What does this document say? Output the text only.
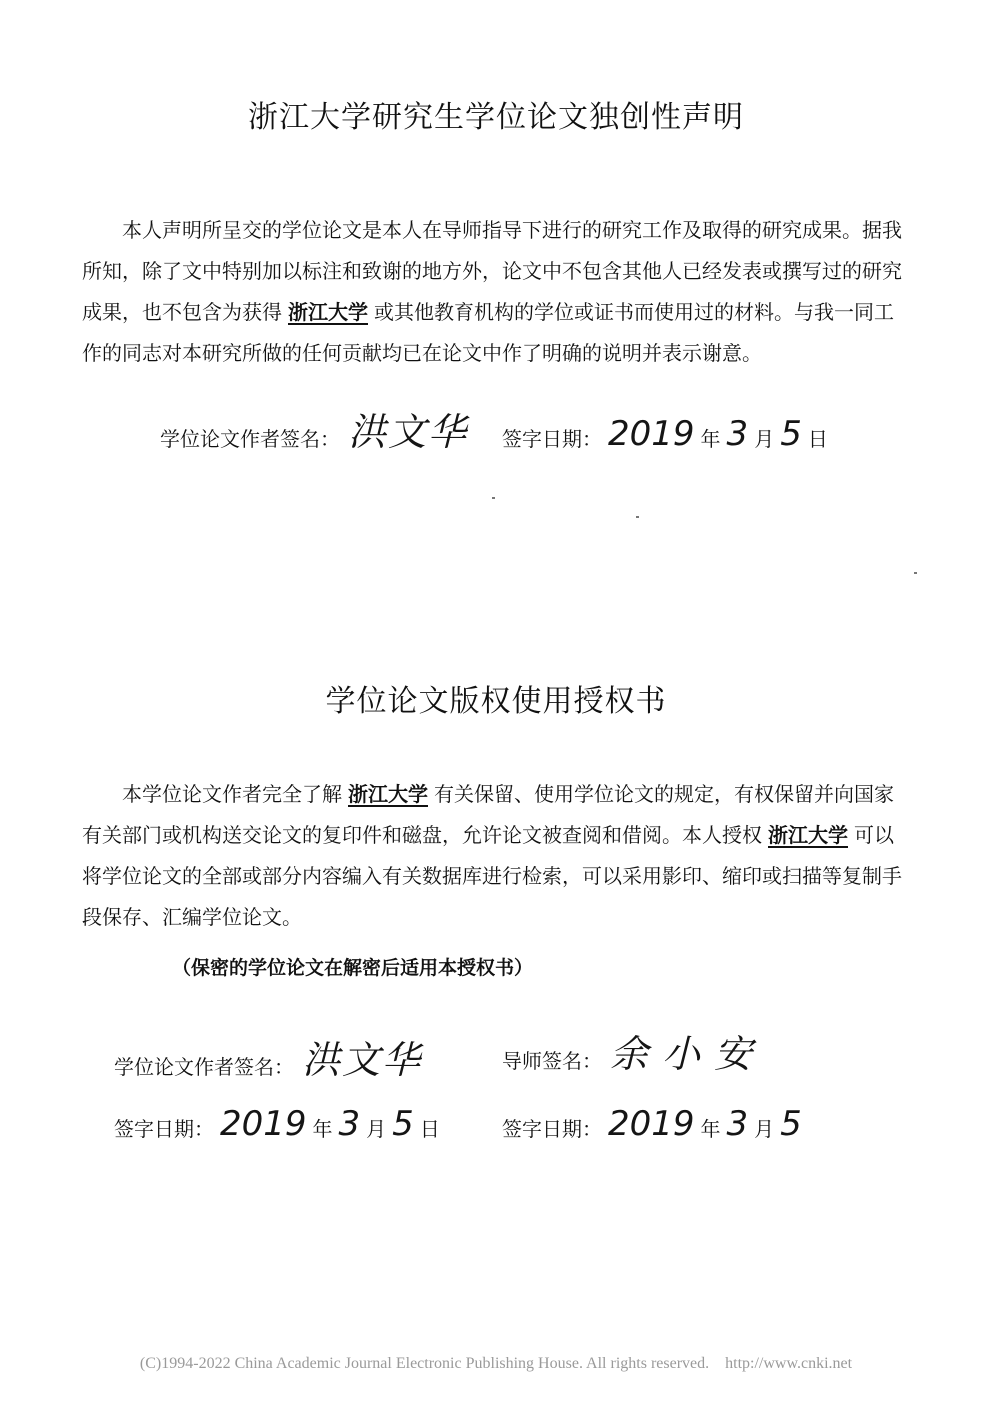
浙江大学研究生学位论文独创性声明

本人声明所呈交的学位论文是本人在导师指导下进行的研究工作及取得的研究成果。据我所知，除了文中特别加以标注和致谢的地方外，论文中不包含其他人已经发表或撰写过的研究成果，也不包含为获得 浙江大学 或其他教育机构的学位或证书而使用过的材料。与我一同工作的同志对本研究所做的任何贡献均已在论文中作了明确的说明并表示谢意。

学位论文作者签名： 洪文华 签字日期： 2019 年 3 月 5 日
学位论文版权使用授权书

本学位论文作者完全了解 浙江大学 有关保留、使用学位论文的规定，有权保留并向国家有关部门或机构送交论文的复印件和磁盘，允许论文被查阅和借阅。本人授权 浙江大学 可以将学位论文的全部或部分内容编入有关数据库进行检索，可以采用影印、缩印或扫描等复制手段保存、汇编学位论文。

（保密的学位论文在解密后适用本授权书）
学位论文作者签名： 洪文华	导师签名： 余小安
签字日期： 2019 年 3 月 5 日	签字日期： 2019 年 3 月 5
(C)1994-2022 China Academic Journal Electronic Publishing House. All rights reserved. http://www.cnki.net
